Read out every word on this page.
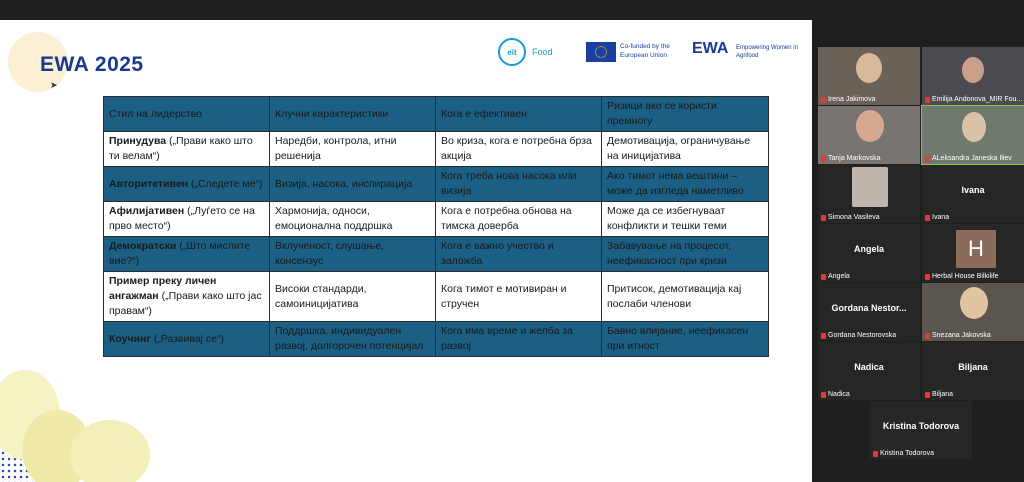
EWA 2025
➤
eit	Food
Co-funded by the European Union	EWA Empowering Women in Agrifood
Стил на лидерство	Клучни карактеристики	Кога е ефективен	Ризици ако се користи премногу
Принудува („Прави како што ти велам“)	Наредби, контрола, итни решенија	Во криза, кога е потребна брза акција	Демотивација, ограничување на иницијатива
Авторитетивен („Следете ме“)	Визија, насока, инспирација	Кога треба нова насока или визија	Ако тимот нема вештини – може да изгледа наметливо
Афилијативен („Луѓето се на прво место“)	Хармонија, односи, емоционална поддршка	Кога е потребна обнова на тимска доверба	Може да се избегнуваат конфликти и тешки теми
Демократски („Што мислите вие?“)	Вклученост, слушање, консензус	Кога е важно учество и заложба	Забавување на процесот, неефикасност при кризи
Пример преку личен ангажман („Прави како што јас правам“)	Високи стандарди, самоиницијатива	Кога тимот е мотивиран и стручен	Притисок, демотивација кај послаби членови
Коучинг („Развивај се“)	Поддршка, индивидуален развој, долгорочен потенцијал	Кога има време и желба за развој	Бавно влијание, неефикасен при итност
Irena Jakimova	Emilija Andonova_MIR Fou...
Tanja Markovska	ALeksandra Janeska Iliev
Simona Vasileva
Ivana
Ivana
Angela
Angela
H
Herbal House Bilkilife
Gordana Nestor...
Gordana Nestorovska	Snezana Jakovska
Nadica
Nadica
Biljana
Biljana
Kristina Todorova
Kristina Todorova
